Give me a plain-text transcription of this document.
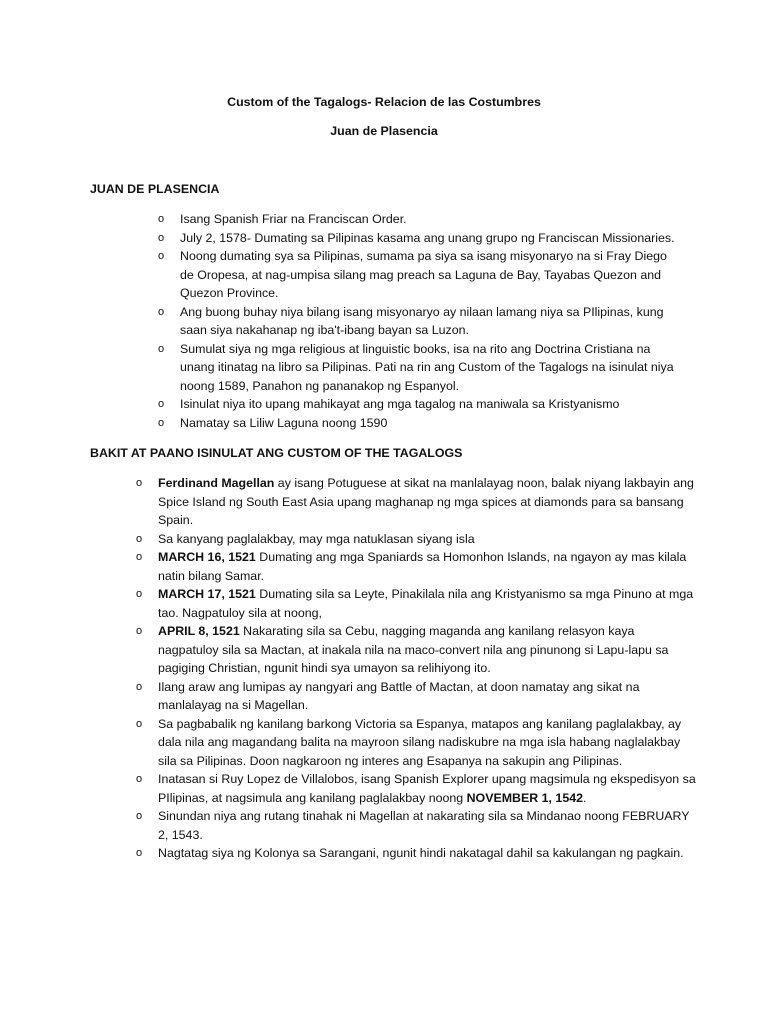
Custom of the Tagalogs- Relacion de las Costumbres
Juan de Plasencia
JUAN DE PLASENCIA
o Isang Spanish Friar na Franciscan Order.
o July 2, 1578- Dumating sa Pilipinas kasama ang unang grupo ng Franciscan Missionaries.
o Noong dumating sya sa Pilipinas, sumama pa siya sa isang misyonaryo na si Fray Diego de Oropesa, at nag-umpisa silang mag preach sa Laguna de Bay, Tayabas Quezon and Quezon Province.
o Ang buong buhay niya bilang isang misyonaryo ay nilaan lamang niya sa PIlipinas, kung saan siya nakahanap ng iba't-ibang bayan sa Luzon.
o Sumulat siya ng mga religious at linguistic books, isa na rito ang Doctrina Cristiana na unang itinatag na libro sa Pilipinas. Pati na rin ang Custom of the Tagalogs na isinulat niya noong 1589, Panahon ng pananakop ng Espanyol.
o Isinulat niya ito upang mahikayat ang mga tagalog na maniwala sa Kristyanismo
o Namatay sa Liliw Laguna noong 1590
BAKIT AT PAANO ISINULAT ANG CUSTOM OF THE TAGALOGS
o Ferdinand Magellan ay isang Potuguese at sikat na manlalayag noon, balak niyang lakbayin ang Spice Island ng South East Asia upang maghanap ng mga spices at diamonds para sa bansang Spain.
o Sa kanyang paglalakbay, may mga natuklasan siyang isla
o MARCH 16, 1521 Dumating ang mga Spaniards sa Homonhon Islands, na ngayon ay mas kilala natin bilang Samar.
o MARCH 17, 1521 Dumating sila sa Leyte, Pinakilala nila ang Kristyanismo sa mga Pinuno at mga tao. Nagpatuloy sila at noong,
o APRIL 8, 1521 Nakarating sila sa Cebu, nagging maganda ang kanilang relasyon kaya nagpatuloy sila sa Mactan, at inakala nila na maco-convert nila ang pinunong si Lapu-lapu sa pagiging Christian, ngunit hindi sya umayon sa relihiyong ito.
o Ilang araw ang lumipas ay nangyari ang Battle of Mactan, at doon namatay ang sikat na manlalayag na si Magellan.
o Sa pagbabalik ng kanilang barkong Victoria sa Espanya, matapos ang kanilang paglalakbay, ay dala nila ang magandang balita na mayroon silang nadiskubre na mga isla habang naglalakbay sila sa Pilipinas. Doon nagkaroon ng interes ang Esapanya na sakupin ang Pilipinas.
o Inatasan si Ruy Lopez de Villalobos, isang Spanish Explorer upang magsimula ng ekspedisyon sa PIlipinas, at nagsimula ang kanilang paglalakbay noong NOVEMBER 1, 1542.
o Sinundan niya ang rutang tinahak ni Magellan at nakarating sila sa Mindanao noong FEBRUARY 2, 1543.
o Nagtatag siya ng Kolonya sa Sarangani, ngunit hindi nakatagal dahil sa kakulangan ng pagkain.
